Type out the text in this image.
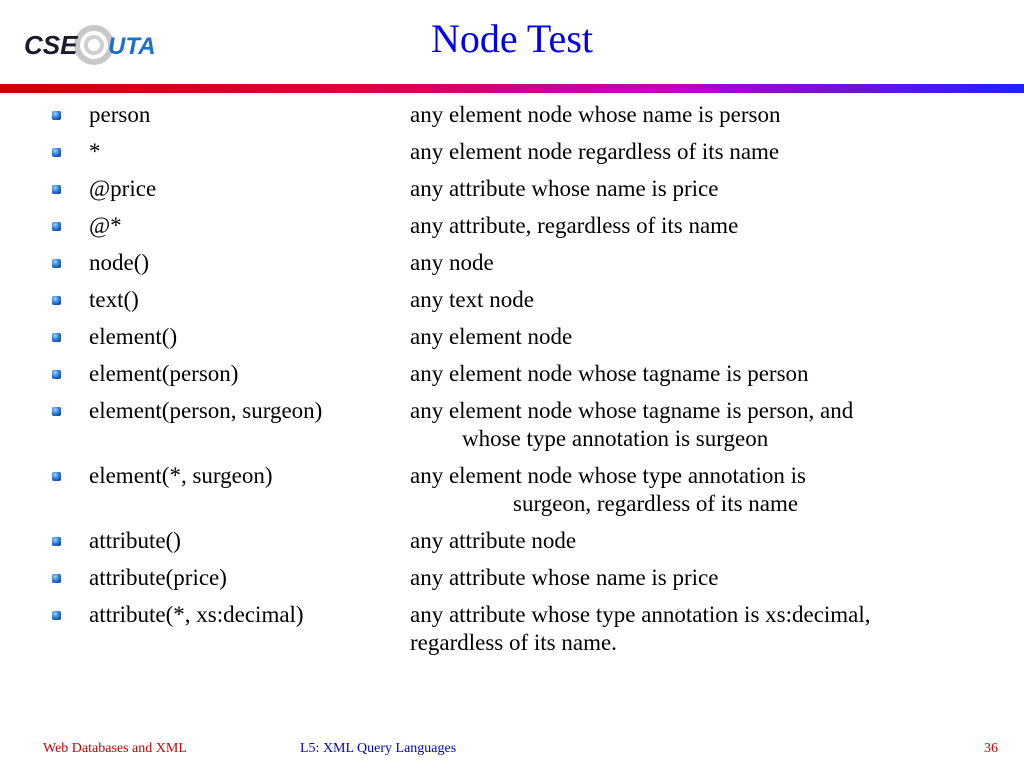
CSE UTA	Node Test
person	any element node whose name is person
*	any element node regardless of its name
@price	any attribute whose name is price
@*	any attribute, regardless of its name
node()	any node
text()	any text node
element()	any element node
element(person)	any element node whose tagname is person
element(person, surgeon)	any element node whose tagname is person, and
whose type annotation is surgeon
element(*, surgeon)	any element node whose type annotation is
surgeon, regardless of its name
attribute()	any attribute node
attribute(price)	any attribute whose name is price
attribute(*, xs:decimal)	any attribute whose type annotation is xs:decimal,
regardless of its name.
Web Databases and XML	L5: XML Query Languages	36
